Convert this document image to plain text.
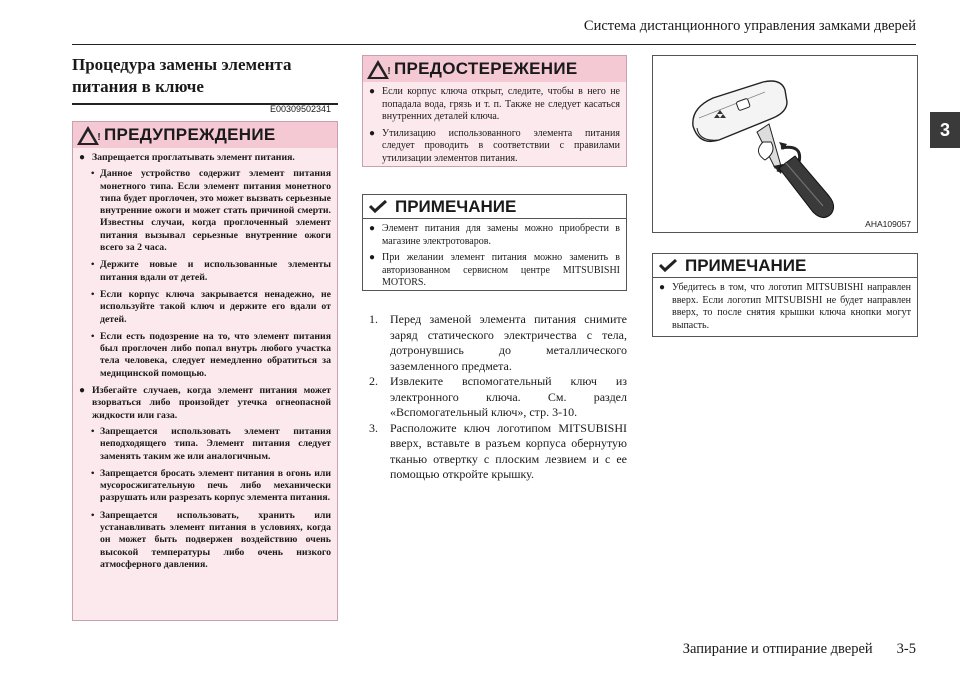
Система дистанционного управления замками дверей
3
Процедура замены элемента питания в ключе
E00309502341
! ПРЕДУПРЕЖДЕНИЕ
● Запрещается проглатывать элемент питания.
• Данное устройство содержит элемент питания монетного типа. Если элемент питания монетного типа будет проглочен, это может вызвать серьезные внутренние ожоги и может стать причиной смерти. Известны случаи, когда проглоченный элемент питания вызывал серьезные внутренние ожоги всего за 2 часа.
• Держите новые и использованные элементы питания вдали от детей.
• Если корпус ключа закрывается ненадежно, не используйте такой ключ и держите его вдали от детей.
• Если есть подозрение на то, что элемент питания был проглочен либо попал внутрь любого участка тела человека, следует немедленно обратиться за медицинской помощью.
● Избегайте случаев, когда элемент питания может взорваться либо произойдет утечка огнеопасной жидкости или газа.
• Запрещается использовать элемент питания неподходящего типа. Элемент питания следует заменять таким же или аналогичным.
• Запрещается бросать элемент питания в огонь или мусоросжигательную печь либо механически разрушать или разрезать корпус элемента питания.
• Запрещается использовать, хранить или устанавливать элемент питания в условиях, когда он может быть подвержен воздействию очень высокой температуры либо очень низкого атмосферного давления.
! ПРЕДОСТЕРЕЖЕНИЕ
● Если корпус ключа открыт, следите, чтобы в него не попадала вода, грязь и т. п. Также не следует касаться внутренних деталей ключа.
● Утилизацию использованного элемента питания следует проводить в соответствии с правилами утилизации элементов питания.
ПРИМЕЧАНИЕ
● Элемент питания для замены можно приобрести в магазине электротоваров.
● При желании элемент питания можно заменить в авторизованном сервисном центре MITSUBISHI MOTORS.
1.	Перед заменой элемента питания снимите заряд статического электричества с тела, дотронувшись до металлического заземленного предмета.
2.	Извлеките вспомогательный ключ из электронного ключа. См. раздел «Вспомогательный ключ», стр. 3-10.
3.	Расположите ключ логотипом MITSUBISHI вверх, вставьте в разъем корпуса обернутую тканью отвертку с плоским лезвием и с ее помощью откройте крышку.
AHA109057
ПРИМЕЧАНИЕ
● Убедитесь в том, что логотип MITSUBISHI направлен вверх. Если логотип MITSUBISHI не будет направлен вверх, то после снятия крышки ключа кнопки могут выпасть.
Запирание и отпирание дверей 3-5
